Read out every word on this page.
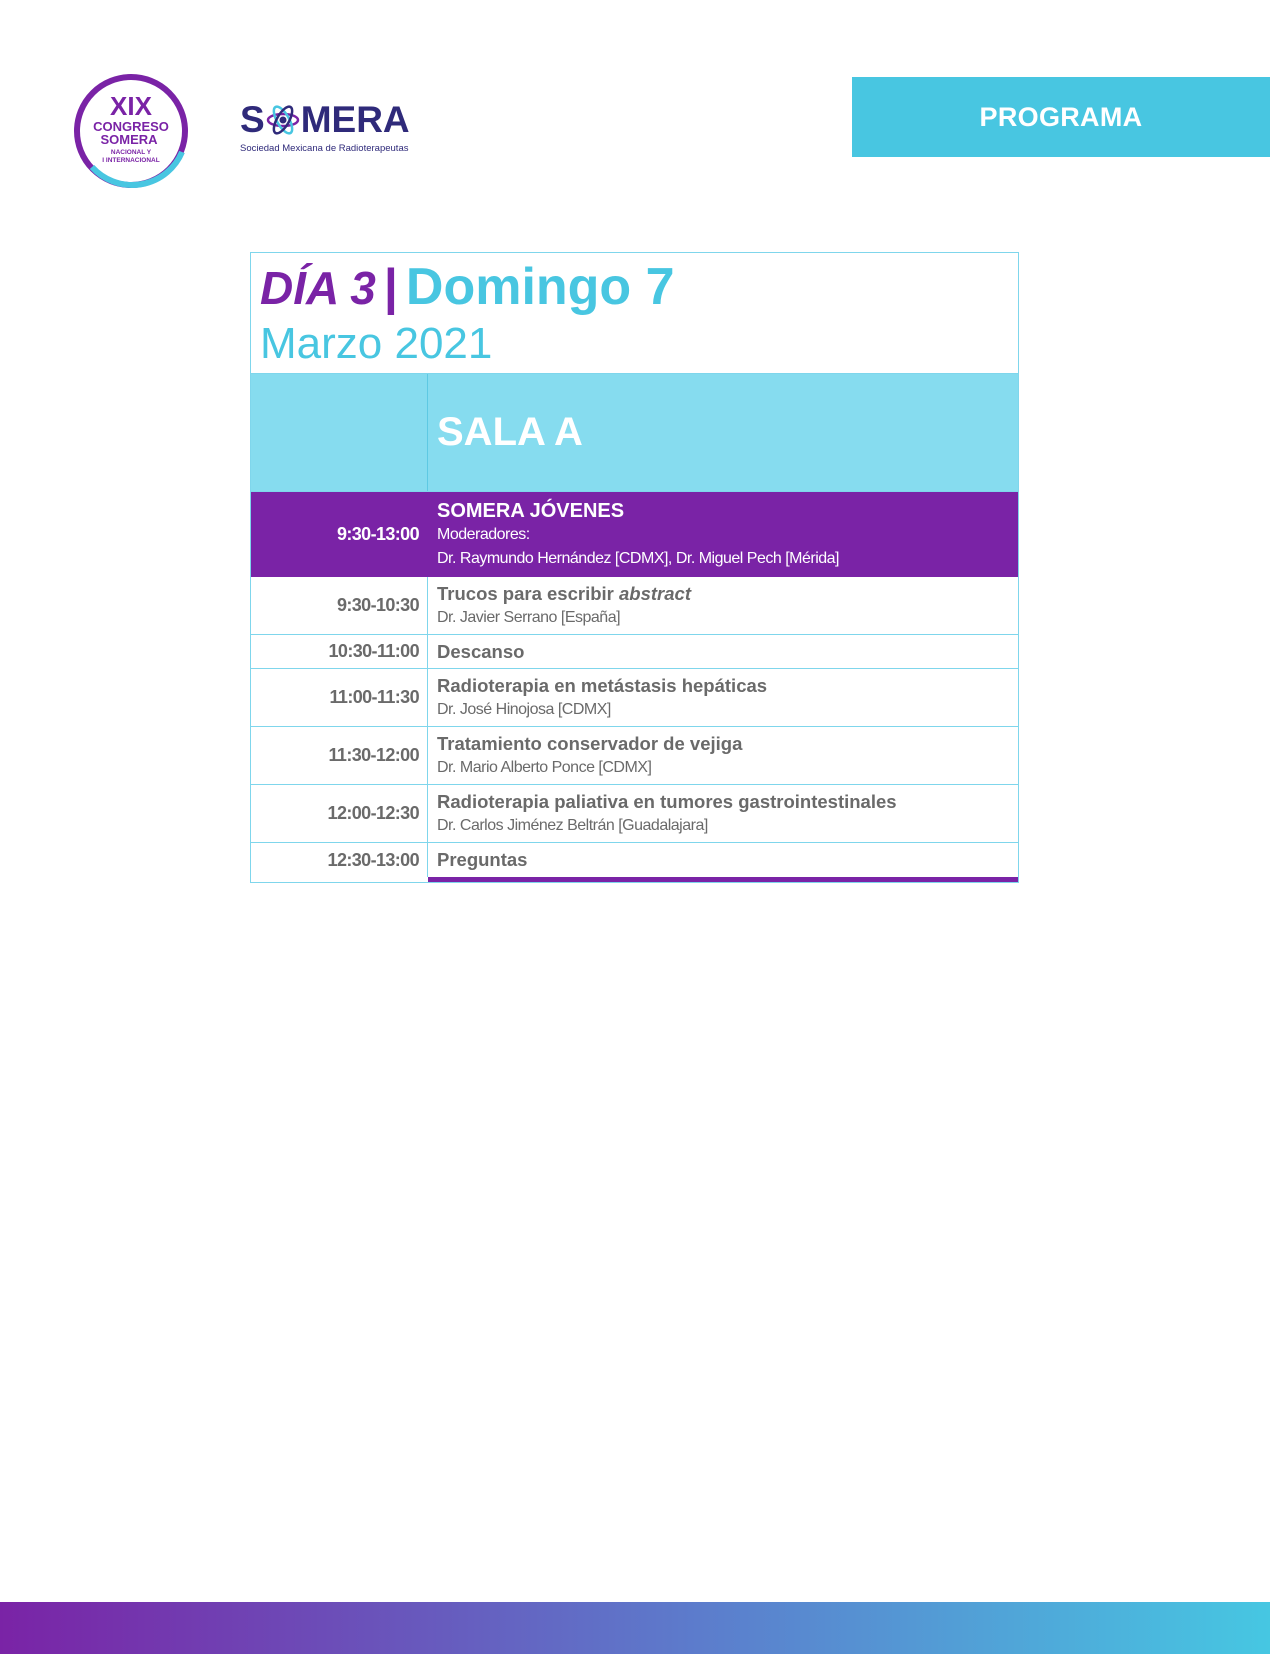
XIX
CONGRESO
SOMERA
NACIONAL Y
I INTERNACIONAL
S MERA
Sociedad Mexicana de Radioterapeutas
PROGRAMA
DÍA 3 | Domingo 7
Marzo 2021
SALA A
9:30-13:00
SOMERA JÓVENES
Moderadores:
Dr. Raymundo Hernández [CDMX], Dr. Miguel Pech [Mérida]
9:30-10:30
Trucos para escribir abstract
Dr. Javier Serrano [España]
10:30-11:00 Descanso
11:00-11:30
Radioterapia en metástasis hepáticas
Dr. José Hinojosa [CDMX]
11:30-12:00
Tratamiento conservador de vejiga
Dr. Mario Alberto Ponce [CDMX]
12:00-12:30
Radioterapia paliativa en tumores gastrointestinales
Dr. Carlos Jiménez Beltrán [Guadalajara]
12:30-13:00 Preguntas
